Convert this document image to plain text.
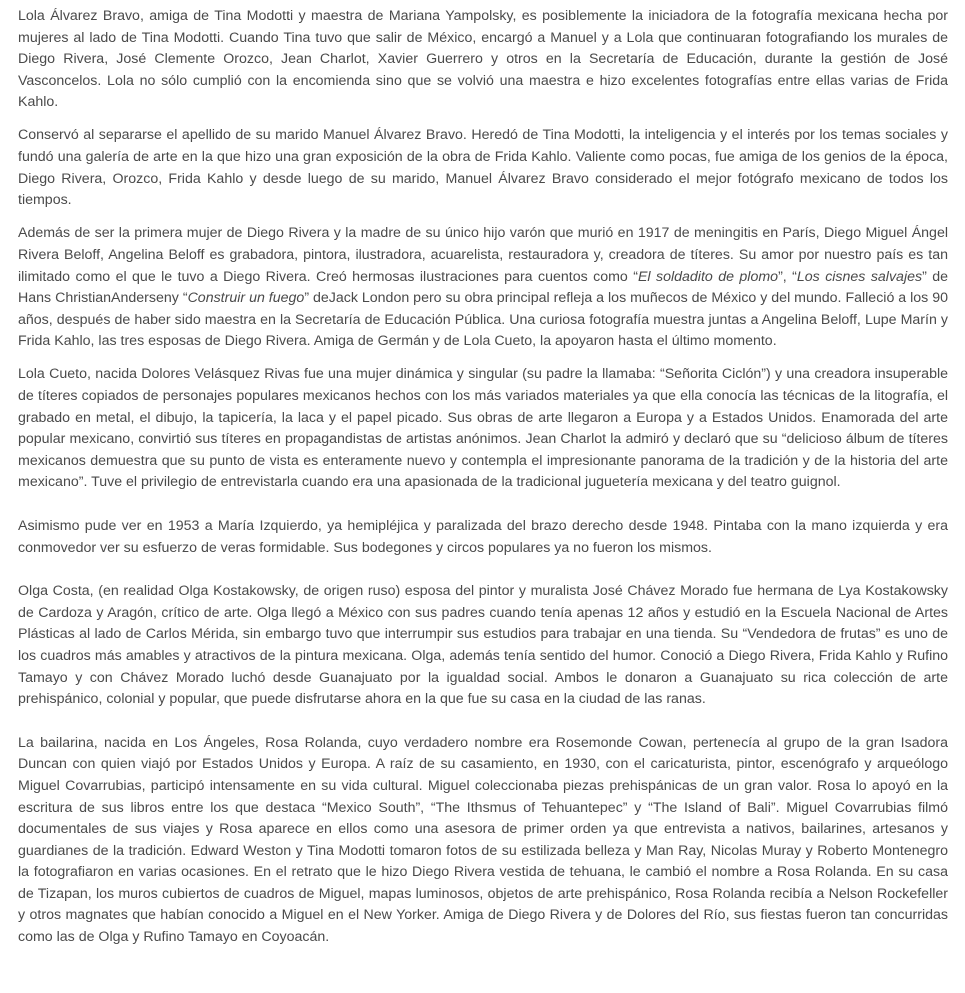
Lola Álvarez Bravo, amiga de Tina Modotti y maestra de Mariana Yampolsky, es posiblemente la iniciadora de la fotografía mexicana hecha por mujeres al lado de Tina Modotti. Cuando Tina tuvo que salir de México, encargó a Manuel y a Lola que continuaran fotografiando los murales de Diego Rivera, José Clemente Orozco, Jean Charlot, Xavier Guerrero y otros en la Secretaría de Educación, durante la gestión de José Vasconcelos. Lola no sólo cumplió con la encomienda sino que se volvió una maestra e hizo excelentes fotografías entre ellas varias de Frida Kahlo.

Conservó al separarse el apellido de su marido Manuel Álvarez Bravo. Heredó de Tina Modotti, la inteligencia y el interés por los temas sociales y fundó una galería de arte en la que hizo una gran exposición de la obra de Frida Kahlo. Valiente como pocas, fue amiga de los genios de la época, Diego Rivera, Orozco, Frida Kahlo y desde luego de su marido, Manuel Álvarez Bravo considerado el mejor fotógrafo mexicano de todos los tiempos.

Además de ser la primera mujer de Diego Rivera y la madre de su único hijo varón que murió en 1917 de meningitis en París, Diego Miguel Ángel Rivera Beloff, Angelina Beloff es grabadora, pintora, ilustradora, acuarelista, restauradora y, creadora de títeres. Su amor por nuestro país es tan ilimitado como el que le tuvo a Diego Rivera. Creó hermosas ilustraciones para cuentos como “El soldadito de plomo”, “Los cisnes salvajes” de Hans ChristianAnderseny “Construir un fuego” deJack London pero su obra principal refleja a los muñecos de México y del mundo. Falleció a los 90 años, después de haber sido maestra en la Secretaría de Educación Pública. Una curiosa fotografía muestra juntas a Angelina Beloff, Lupe Marín y Frida Kahlo, las tres esposas de Diego Rivera. Amiga de Germán y de Lola Cueto, la apoyaron hasta el último momento.

Lola Cueto, nacida Dolores Velásquez Rivas fue una mujer dinámica y singular (su padre la llamaba: “Señorita Ciclón”) y una creadora insuperable de títeres copiados de personajes populares mexicanos hechos con los más variados materiales ya que ella conocía las técnicas de la litografía, el grabado en metal, el dibujo, la tapicería, la laca y el papel picado. Sus obras de arte llegaron a Europa y a Estados Unidos. Enamorada del arte popular mexicano, convirtió sus títeres en propagandistas de artistas anónimos. Jean Charlot la admiró y declaró que su “delicioso álbum de títeres mexicanos demuestra que su punto de vista es enteramente nuevo y contempla el impresionante panorama de la tradición y de la historia del arte mexicano”. Tuve el privilegio de entrevistarla cuando era una apasionada de la tradicional juguetería mexicana y del teatro guignol.

Asimismo pude ver en 1953 a María Izquierdo, ya hemipléjica y paralizada del brazo derecho desde 1948. Pintaba con la mano izquierda y era conmovedor ver su esfuerzo de veras formidable. Sus bodegones y circos populares ya no fueron los mismos.

Olga Costa, (en realidad Olga Kostakowsky, de origen ruso) esposa del pintor y muralista José Chávez Morado fue hermana de Lya Kostakowsky de Cardoza y Aragón, crítico de arte. Olga llegó a México con sus padres cuando tenía apenas 12 años y estudió en la Escuela Nacional de Artes Plásticas al lado de Carlos Mérida, sin embargo tuvo que interrumpir sus estudios para trabajar en una tienda. Su “Vendedora de frutas” es uno de los cuadros más amables y atractivos de la pintura mexicana. Olga, además tenía sentido del humor. Conoció a Diego Rivera, Frida Kahlo y Rufino Tamayo y con Chávez Morado luchó desde Guanajuato por la igualdad social. Ambos le donaron a Guanajuato su rica colección de arte prehispánico, colonial y popular, que puede disfrutarse ahora en la que fue su casa en la ciudad de las ranas.

La bailarina, nacida en Los Ángeles, Rosa Rolanda, cuyo verdadero nombre era Rosemonde Cowan, pertenecía al grupo de la gran Isadora Duncan con quien viajó por Estados Unidos y Europa. A raíz de su casamiento, en 1930, con el caricaturista, pintor, escenógrafo y arqueólogo Miguel Covarrubias, participó intensamente en su vida cultural. Miguel coleccionaba piezas prehispánicas de un gran valor. Rosa lo apoyó en la escritura de sus libros entre los que destaca “Mexico South”, “The Ithsmus of Tehuantepec” y “The Island of Bali”. Miguel Covarrubias filmó documentales de sus viajes y Rosa aparece en ellos como una asesora de primer orden ya que entrevista a nativos, bailarines, artesanos y guardianes de la tradición. Edward Weston y Tina Modotti tomaron fotos de su estilizada belleza y Man Ray, Nicolas Muray y Roberto Montenegro la fotografiaron en varias ocasiones. En el retrato que le hizo Diego Rivera vestida de tehuana, le cambió el nombre a Rosa Rolanda. En su casa de Tizapan, los muros cubiertos de cuadros de Miguel, mapas luminosos, objetos de arte prehispánico, Rosa Rolanda recibía a Nelson Rockefeller y otros magnates que habían conocido a Miguel en el New Yorker. Amiga de Diego Rivera y de Dolores del Río, sus fiestas fueron tan concurridas como las de Olga y Rufino Tamayo en Coyoacán.
